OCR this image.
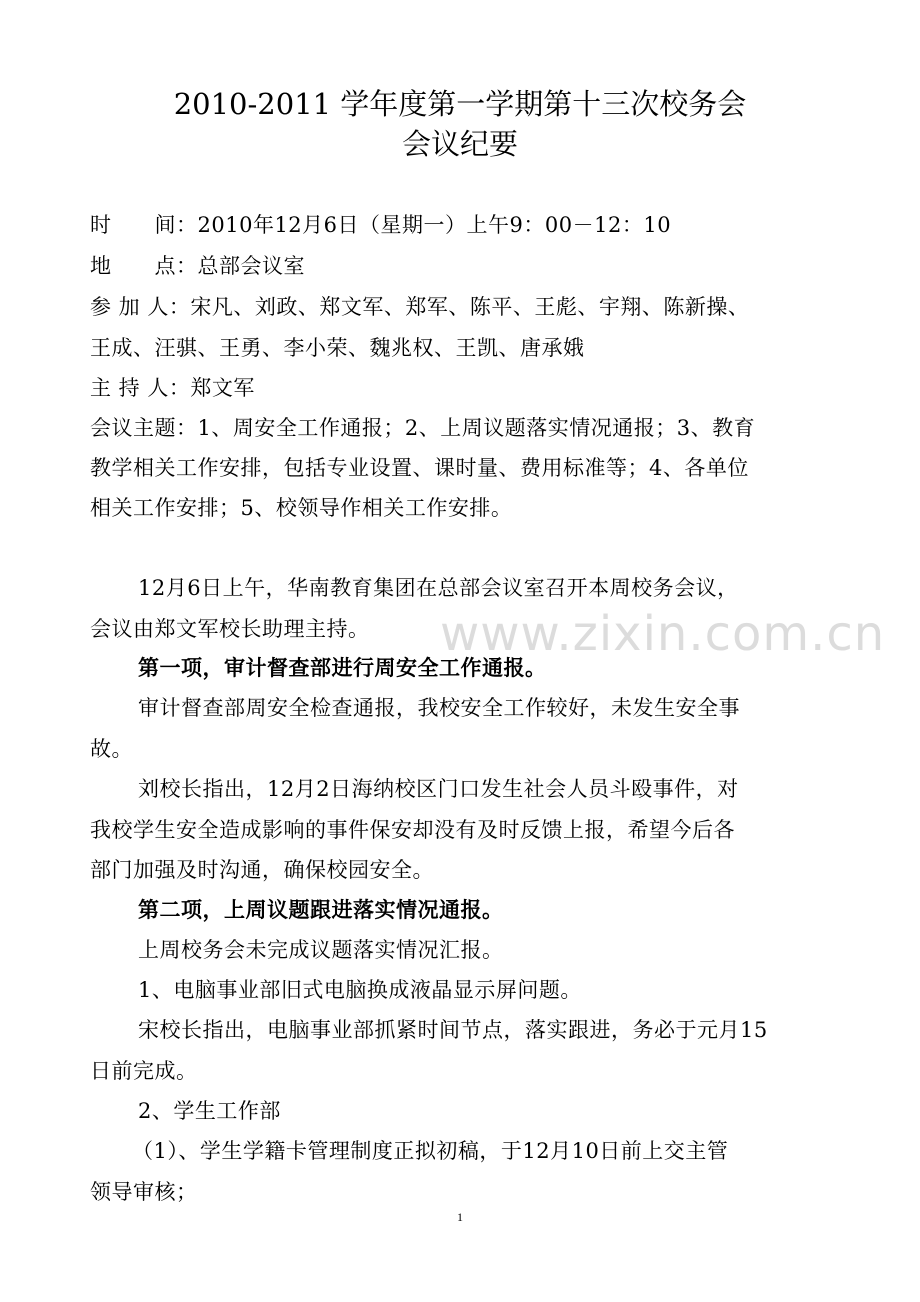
2010-2011 学年度第一学期第十三次校务会
会议纪要
时　　间：2010年12月6日（星期一）上午9：00－12：10
地　　点：总部会议室
参 加 人：宋凡、刘政、郑文军、郑军、陈平、王彪、宇翔、陈新操、
王成、汪骐、王勇、李小荣、魏兆权、王凯、唐承娥
主 持 人：郑文军
会议主题：1、周安全工作通报；2、上周议题落实情况通报；3、教育
教学相关工作安排，包括专业设置、课时量、费用标准等；4、各单位
相关工作安排；5、校领导作相关工作安排。
12月6日上午，华南教育集团在总部会议室召开本周校务会议，
会议由郑文军校长助理主持。
第一项，审计督查部进行周安全工作通报。
审计督查部周安全检查通报，我校安全工作较好，未发生安全事
故。
刘校长指出，12月2日海纳校区门口发生社会人员斗殴事件，对
我校学生安全造成影响的事件保安却没有及时反馈上报，希望今后各
部门加强及时沟通，确保校园安全。
第二项，上周议题跟进落实情况通报。
上周校务会未完成议题落实情况汇报。
1、电脑事业部旧式电脑换成液晶显示屏问题。
宋校长指出，电脑事业部抓紧时间节点，落实跟进，务必于元月15
日前完成。
2、学生工作部
（1）、学生学籍卡管理制度正拟初稿，于12月10日前上交主管
领导审核；
www.zixin.com.cn
1
